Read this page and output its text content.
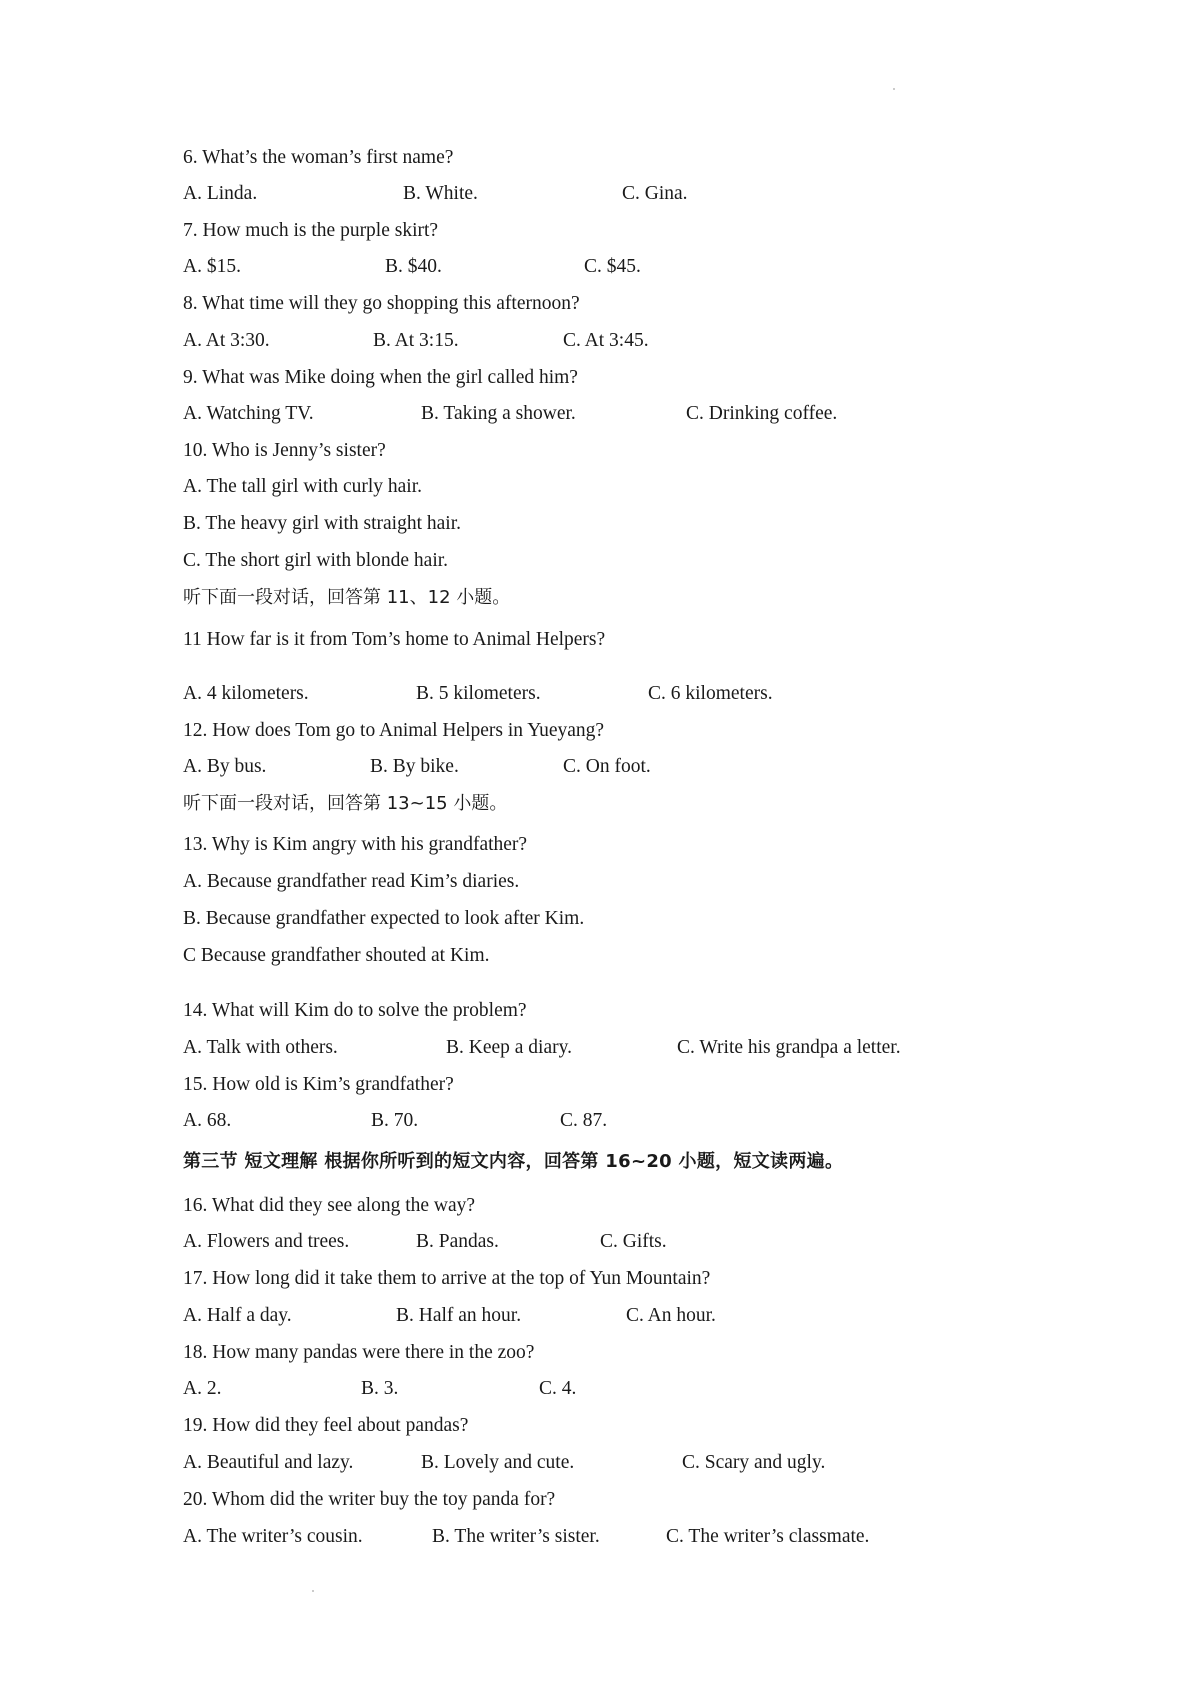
6. What’s the woman’s first name?
A. Linda.	B. White.	C. Gina.
7. How much is the purple skirt?
A. $15.	B. $40.	C. $45.
8. What time will they go shopping this afternoon?
A. At 3:30.	B. At 3:15.	C. At 3:45.
9. What was Mike doing when the girl called him?
A. Watching TV.	B. Taking a shower.	C. Drinking coffee.
10. Who is Jenny’s sister?
A. The tall girl with curly hair.
B. The heavy girl with straight hair.
C. The short girl with blonde hair.
听下面一段对话，回答第 11、12 小题。
11 How far is it from Tom’s home to Animal Helpers?
A. 4 kilometers.	B. 5 kilometers.	C. 6 kilometers.
12. How does Tom go to Animal Helpers in Yueyang?
A. By bus.	B. By bike.	C. On foot.
听下面一段对话，回答第 13~15 小题。
13. Why is Kim angry with his grandfather?
A. Because grandfather read Kim’s diaries.
B. Because grandfather expected to look after Kim.
C Because grandfather shouted at Kim.
14. What will Kim do to solve the problem?
A. Talk with others.	B. Keep a diary.	C. Write his grandpa a letter.
15. How old is Kim’s grandfather?
A. 68.	B. 70.	C. 87.
第三节 短文理解 根据你所听到的短文内容，回答第 16~20 小题，短文读两遍。
16. What did they see along the way?
A. Flowers and trees.	B. Pandas.	C. Gifts.
17. How long did it take them to arrive at the top of Yun Mountain?
A. Half a day.	B. Half an hour.	C. An hour.
18. How many pandas were there in the zoo?
A. 2.	B. 3.	C. 4.
19. How did they feel about pandas?
A. Beautiful and lazy.	B. Lovely and cute.	C. Scary and ugly.
20. Whom did the writer buy the toy panda for?
A. The writer’s cousin.	B. The writer’s sister.	C. The writer’s classmate.
